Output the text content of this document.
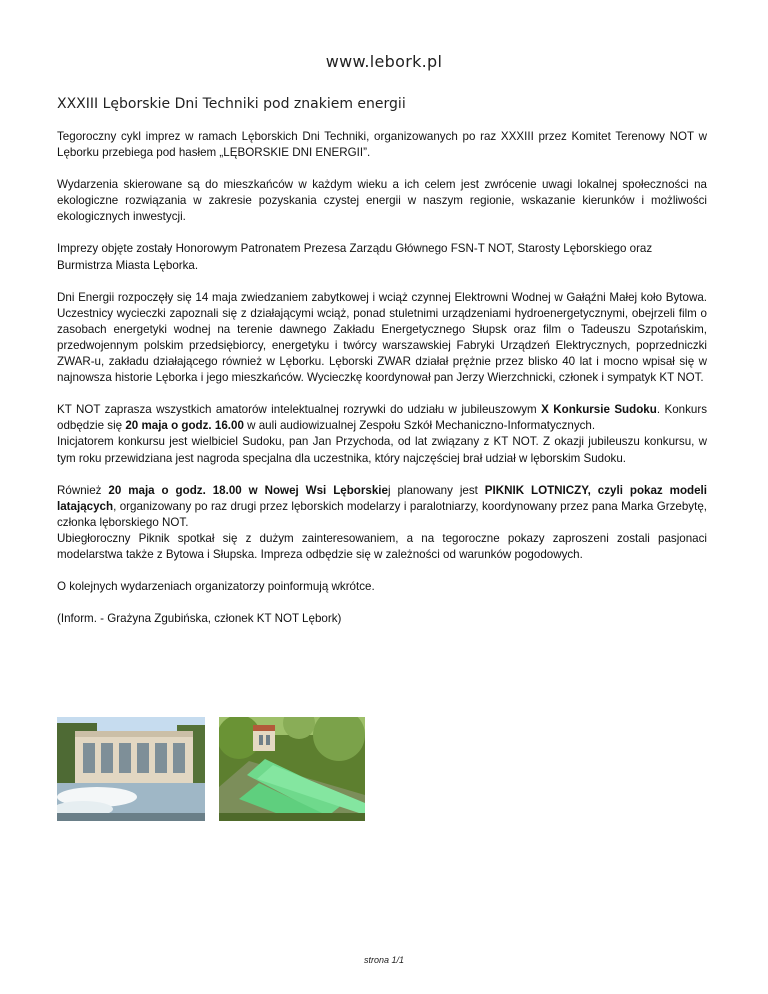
www.lebork.pl
XXXIII Lęborskie Dni Techniki pod znakiem energii

Tegoroczny cykl imprez w ramach Lęborskich Dni Techniki, organizowanych po raz XXXIII przez Komitet Terenowy NOT w Lęborku przebiega pod hasłem „LĘBORSKIE DNI ENERGII”.

Wydarzenia skierowane są do mieszkańców w każdym wieku a ich celem jest zwrócenie uwagi lokalnej społeczności na ekologiczne rozwiązania w zakresie pozyskania czystej energii w naszym regionie, wskazanie kierunków i możliwości ekologicznych inwestycji.

Imprezy objęte zostały Honorowym Patronatem Prezesa Zarządu Głównego FSN-T NOT, Starosty Lęborskiego oraz Burmistrza Miasta Lęborka.

Dni Energii rozpoczęły się 14 maja zwiedzaniem zabytkowej i wciąż czynnej Elektrowni Wodnej w Gałąźni Małej koło Bytowa. Uczestnicy wycieczki zapoznali się z działającymi wciąż, ponad stuletnimi urządzeniami hydroenergetycznymi, obejrzeli film o zasobach energetyki wodnej na terenie dawnego Zakładu Energetycznego Słupsk oraz film o Tadeuszu Szpotańskim, przedwojennym polskim przedsiębiorcy, energetyku i twórcy warszawskiej Fabryki Urządzeń Elektrycznych, poprzedniczki ZWAR-u, zakładu działającego również w Lęborku. Lęborski ZWAR działał prężnie przez blisko 40 lat i mocno wpisał się w najnowsza historie Lęborka i jego mieszkańców. Wycieczkę koordynował pan Jerzy Wierzchnicki, członek i sympatyk KT NOT.

KT NOT zaprasza wszystkich amatorów intelektualnej rozrywki do udziału w jubileuszowym X Konkursie Sudoku. Konkurs odbędzie się 20 maja o godz. 16.00 w auli audiowizualnej Zespołu Szkół Mechaniczno-Informatycznych.

Inicjatorem konkursu jest wielbiciel Sudoku, pan Jan Przychoda, od lat związany z KT NOT. Z okazji jubileuszu konkursu, w tym roku przewidziana jest nagroda specjalna dla uczestnika, który najczęściej brał udział w lęborskim Sudoku.

Również 20 maja o godz. 18.00 w Nowej Wsi Lęborskiej planowany jest PIKNIK LOTNICZY, czyli pokaz modeli latających, organizowany po raz drugi przez lęborskich modelarzy i paralotniarzy, koordynowany przez pana Marka Grzebytę, członka lęborskiego NOT.

Ubiegłoroczny Piknik spotkał się z dużym zainteresowaniem, a na tegoroczne pokazy zaproszeni zostali pasjonaci modelarstwa także z Bytowa i Słupska. Impreza odbędzie się w zależności od warunków pogodowych.

O kolejnych wydarzeniach organizatorzy poinformują wkrótce.

(Inform. - Grażyna Zgubińska, członek KT NOT Lębork)

strona 1/1
